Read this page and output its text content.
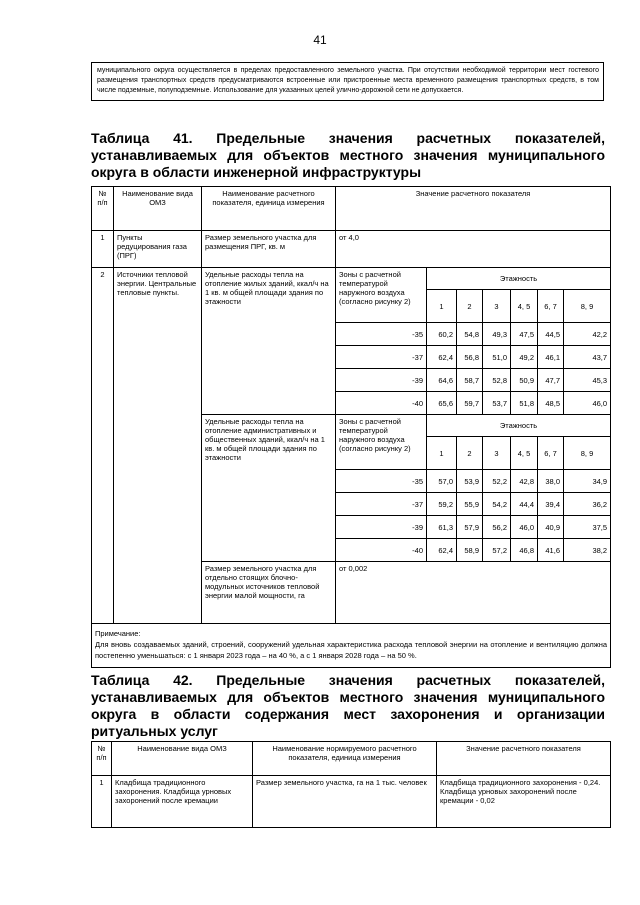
41
муниципального округа осуществляется в пределах предоставленного земельного участка. При отсутствии необходимой территории мест гостевого размещения транспортных средств предусматриваются встроенные или пристроенные места временного размещения транспортных средств, в том числе подземные, полуподземные. Использование для указанных целей улично-дорожной сети не допускается.
Таблица 41. Предельные значения расчетных показателей, устанавливаемых для объектов местного значения муниципального округа в области инженерной инфраструктуры
№ п/п	Наименование вида ОМЗ	Наименование расчетного показателя, единица измерения	Значение расчетного показателя						
1	Пункты редуцирования газа (ПРГ)	Размер земельного участка для размещения ПРГ, кв. м	от 4,0						
2	Источники тепловой энергии. Центральные тепловые пункты.	Удельные расходы тепла на отопление жилых зданий, ккал/ч на 1 кв. м общей площади здания по этажности	Зоны с расчетной температурой наружного воздуха (согласно рисунку 2)	Этажность					
				1	2	3	4, 5	6, 7	8, 9
			-35	60,2	54,8	49,3	47,5	44,5	42,2
			-37	62,4	56,8	51,0	49,2	46,1	43,7
			-39	64,6	58,7	52,8	50,9	47,7	45,3
			-40	65,6	59,7	53,7	51,8	48,5	46,0
		Удельные расходы тепла на отопление административных и общественных зданий, ккал/ч на 1 кв. м общей площади здания по этажности	Зоны с расчетной температурой наружного воздуха (согласно рисунку 2)	Этажность					
				1	2	3	4, 5	6, 7	8, 9
			-35	57,0	53,9	52,2	42,8	38,0	34,9
			-37	59,2	55,9	54,2	44,4	39,4	36,2
			-39	61,3	57,9	56,2	46,0	40,9	37,5
			-40	62,4	58,9	57,2	46,8	41,6	38,2
		Размер земельного участка для отдельно стоящих блочно-модульных источников тепловой энергии малой мощности, га	от 0,002						

Примечание:
Для вновь создаваемых зданий, строений, сооружений удельная характеристика расхода тепловой энергии на отопление и вентиляцию должна постепенно уменьшаться: с 1 января 2023 года – на 40 %, а с 1 января 2028 года – на 50 %.									
Таблица 42. Предельные значения расчетных показателей, устанавливаемых для объектов местного значения муниципального округа в области содержания мест захоронения и организации ритуальных услуг
№ п/п	Наименование вида ОМЗ	Наименование нормируемого расчетного показателя, единица измерения	Значение расчетного показателя
1	Кладбища традиционного захоронения. Кладбища урновых захоронений после кремации	Размер земельного участка, га на 1 тыс. человек	Кладбища традиционного захоронения - 0,24. Кладбища урновых захоронений после кремации - 0,02
